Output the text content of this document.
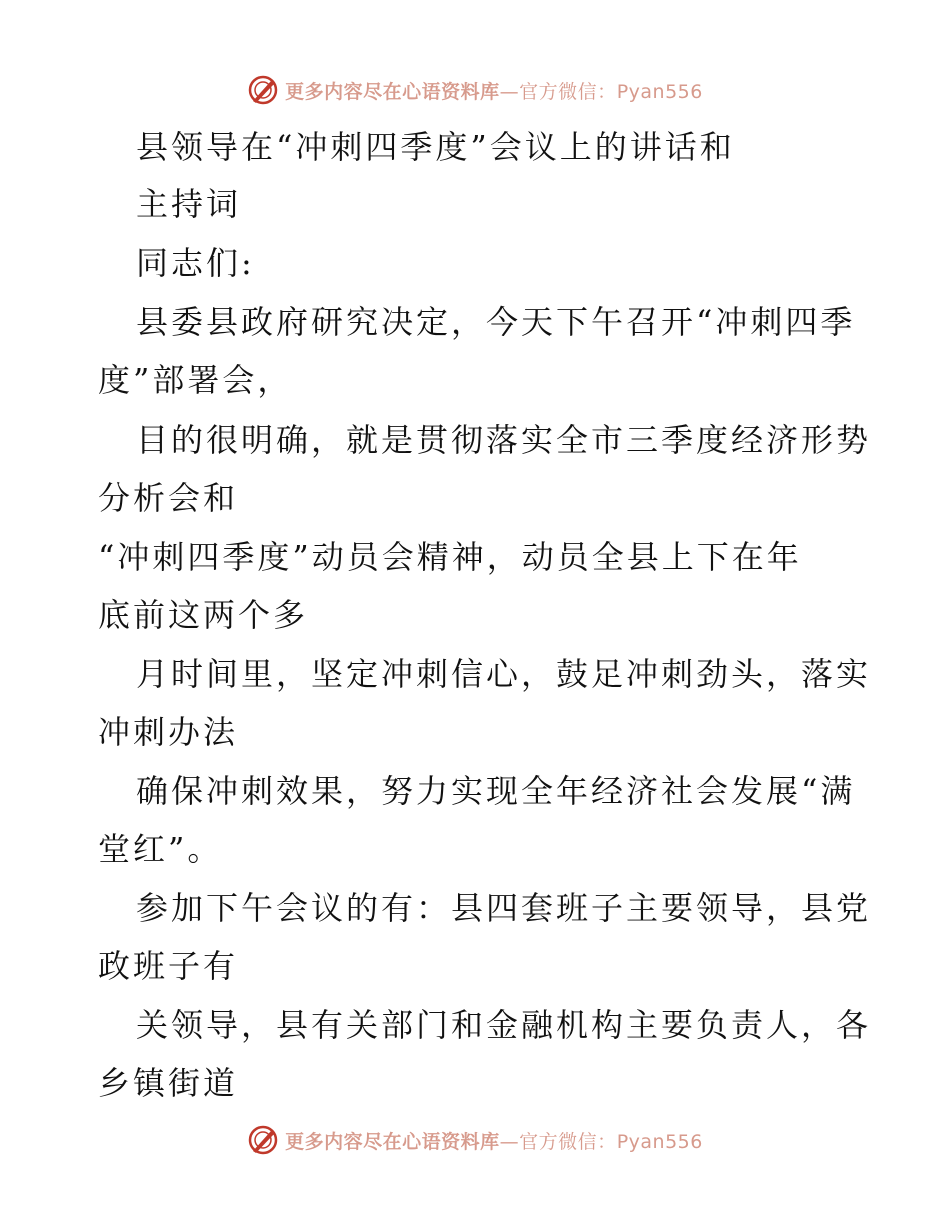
更多内容尽在心语资料库—官方微信：Pyan556
县领导在“冲刺四季度”会议上的讲话和
主持词
同志们:
县委县政府研究决定，今天下午召开“冲刺四季
度”部署会，
目的很明确，就是贯彻落实全市三季度经济形势
分析会和
“冲刺四季度”动员会精神，动员全县上下在年
底前这两个多
月时间里，坚定冲刺信心，鼓足冲刺劲头，落实
冲刺办法
确保冲刺效果，努力实现全年经济社会发展“满
堂红”。
参加下午会议的有：县四套班子主要领导，县党
政班子有
关领导，县有关部门和金融机构主要负责人，各
乡镇街道
更多内容尽在心语资料库—官方微信：Pyan556
